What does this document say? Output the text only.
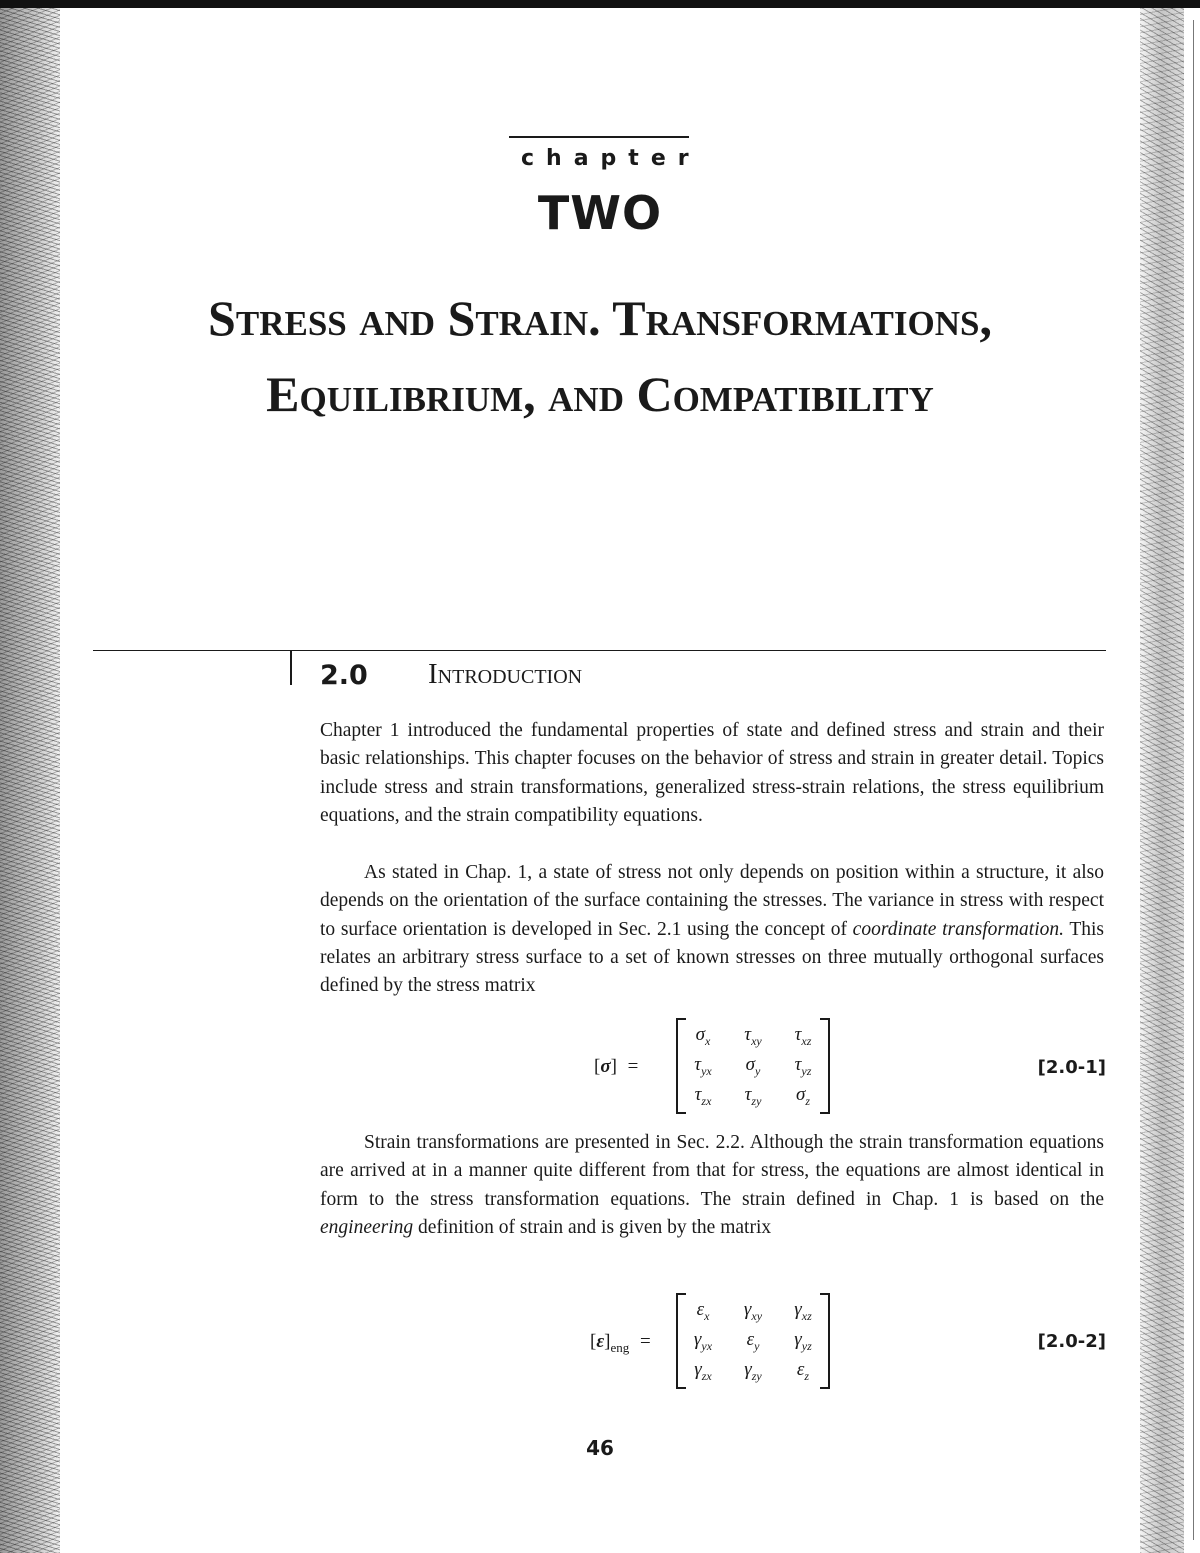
chapter
TWO
Stress and Strain. Transformations,
Equilibrium, and Compatibility
2.0 Introduction

Chapter 1 introduced the fundamental properties of state and defined stress and strain and their basic relationships. This chapter focuses on the behavior of stress and strain in greater detail. Topics include stress and strain transformations, generalized stress-strain relations, the stress equilibrium equations, and the strain compatibility equations.

As stated in Chap. 1, a state of stress not only depends on position within a structure, it also depends on the orientation of the surface containing the stresses. The variance in stress with respect to surface orientation is developed in Sec. 2.1 using the concept of coordinate transformation. This relates an arbitrary stress surface to a set of known stresses on three mutually orthogonal surfaces defined by the stress matrix

[σ] =
$\sigma_x$	$\tau_{xy}$	$\tau_{xz}$
$\tau_{yx}$	$\sigma_y$	$\tau_{yz}$
$\tau_{zx}$	$\tau_{zy}$	$\sigma_z$
[2.0-1]

Strain transformations are presented in Sec. 2.2. Although the strain transformation equations are arrived at in a manner quite different from that for stress, the equations are almost identical in form to the stress transformation equations. The strain defined in Chap. 1 is based on the engineering definition of strain and is given by the matrix

$[\varepsilon]_{eng}$ =
$\varepsilon_x$	$\gamma_{xy}$	$\gamma_{xz}$
$\gamma_{yx}$	$\varepsilon_y$	$\gamma_{yz}$
$\gamma_{zx}$	$\gamma_{zy}$	$\varepsilon_z$
[2.0-2]
46
